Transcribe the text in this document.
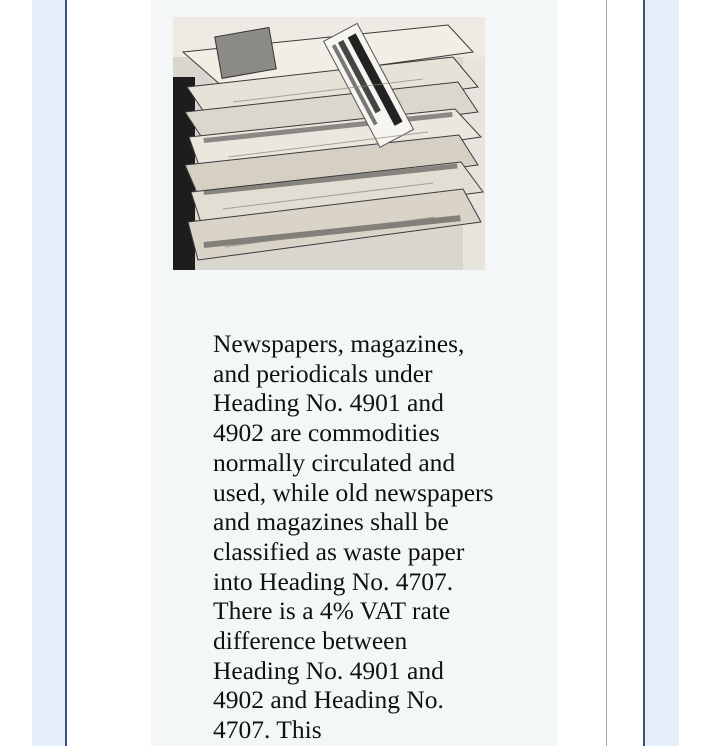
Newspapers, magazines,
and periodicals under
Heading No. 4901 and
4902 are commodities
normally circulated and
used, while old newspapers
and magazines shall be
classified as waste paper
into Heading No. 4707.
There is a 4% VAT rate
difference between
Heading No. 4901 and
4902 and Heading No.
4707. This
